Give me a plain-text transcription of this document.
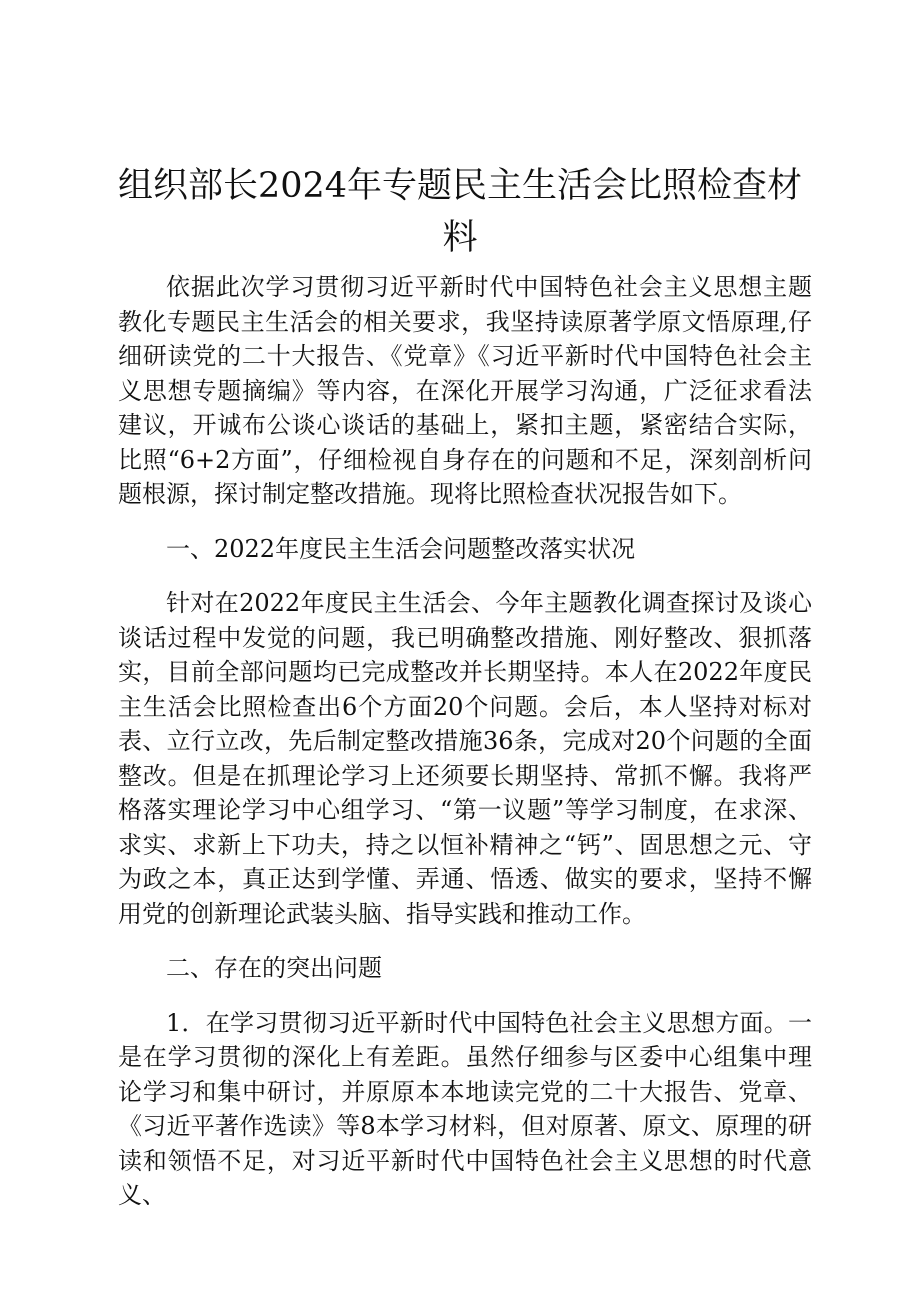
组织部长2024年专题民主生活会比照检查材料

依据此次学习贯彻习近平新时代中国特色社会主义思想主题教化专题民主生活会的相关要求，我坚持读原著学原文悟原理,仔细研读党的二十大报告、《党章》《习近平新时代中国特色社会主义思想专题摘编》等内容，在深化开展学习沟通，广泛征求看法建议，开诚布公谈心谈话的基础上，紧扣主题，紧密结合实际，比照“6+2方面”，仔细检视自身存在的问题和不足，深刻剖析问题根源，探讨制定整改措施。现将比照检查状况报告如下。

一、2022年度民主生活会问题整改落实状况

针对在2022年度民主生活会、今年主题教化调查探讨及谈心谈话过程中发觉的问题，我已明确整改措施、刚好整改、狠抓落实，目前全部问题均已完成整改并长期坚持。本人在2022年度民主生活会比照检查出6个方面20个问题。会后，本人坚持对标对表、立行立改，先后制定整改措施36条，完成对20个问题的全面整改。但是在抓理论学习上还须要长期坚持、常抓不懈。我将严格落实理论学习中心组学习、“第一议题”等学习制度，在求深、求实、求新上下功夫，持之以恒补精神之“钙”、固思想之元、守为政之本，真正达到学懂、弄通、悟透、做实的要求，坚持不懈用党的创新理论武装头脑、指导实践和推动工作。

二、存在的突出问题

1．在学习贯彻习近平新时代中国特色社会主义思想方面。一是在学习贯彻的深化上有差距。虽然仔细参与区委中心组集中理论学习和集中研讨，并原原本本地读完党的二十大报告、党章、《习近平著作选读》等8本学习材料，但对原著、原文、原理的研读和领悟不足，对习近平新时代中国特色社会主义思想的时代意义、
